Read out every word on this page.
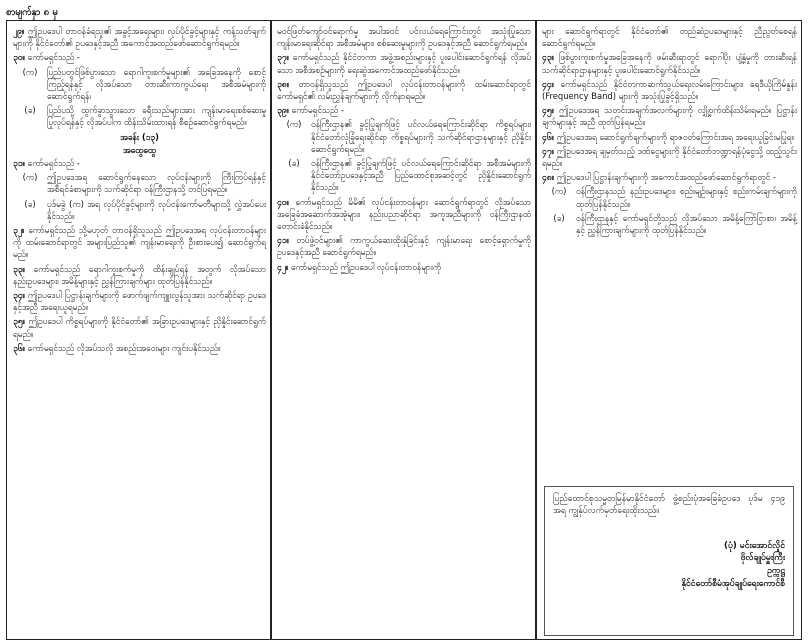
စာမျက်နှာ ၈ မှ

၂၉။ ဤဥပဒေပါ တာဝန်ခံရသူ၏ အခွင့်အရေးများ၊ လုပ်ပိုင်ခွင့်များနှင့် ကန့်သတ်ချက်များကို နိုင်ငံတော်၏ ဥပဒေနှင့်အညီ အကောင်အထည်ဖော်ဆောင်ရွက်ရမည်။

၃၀။ ကော်မရှင်သည် -

(က)	ပြည်ပတွင်ဖြစ်ပွားသော ရောဂါကူးစက်မှုများ၏ အခြေအနေကို စောင့်ကြည့်ရန်နှင့် လိုအပ်သော တားဆီးကာကွယ်ရေး အစီအမံများကို ဆောင်ရွက်ရန်၊
(ခ)	ပြည်ပသို့ ထွက်ခွာသွားသော ခရီးသည်များအား ကျန်းမာရေးစစ်ဆေးမှု ပြုလုပ်ရန်နှင့် လိုအပ်ပါက ထိန်းသိမ်းထားရန် စီစဉ်ဆောင်ရွက်ရမည်။
အခန်း (၁၃)
အထွေထွေ

၃၁။ ကော်မရှင်သည် -

(က)	ဤဥပဒေအရ ဆောင်ရွက်နေသော လုပ်ငန်းများကို ကြီးကြပ်ရန်နှင့် အစီရင်ခံစာများကို သက်ဆိုင်ရာ ဝန်ကြီးဌာနသို့ တင်ပြရမည်။
(ခ)	ပုဒ်မခွဲ (က) အရ လုပ်ပိုင်ခွင့်များကို လုပ်ငန်းကော်မတီများသို့ လွှဲအပ်ပေးနိုင်သည်။

၃၂။ ကော်မရှင်သည် သို့မဟုတ် တာဝန်ရှိသူသည် ဤဥပဒေအရ လုပ်ငန်းတာဝန်များကို ထမ်းဆောင်ရာတွင် အများပြည်သူ၏ ကျန်းမာရေးကို ဦးစားပေး၍ ဆောင်ရွက်ရမည်။

၃၃။ ကော်မရှင်သည် ရောဂါကူးစက်မှုကို ထိန်းချုပ်ရန် အတွက် လိုအပ်သော နည်းဥပဒေများ၊ အမိန့်များနှင့် ညွှန်ကြားချက်များ ထုတ်ပြန်နိုင်သည်။

၃၄။ ဤဥပဒေပါ ပြဋ္ဌာန်းချက်များကို ဖောက်ဖျက်ကျူးလွန်သူအား သက်ဆိုင်ရာ ဥပဒေနှင့်အညီ အရေးယူရမည်။

၃၅။ ဤဥပဒေပါ ကိစ္စရပ်များကို နိုင်ငံတော်၏ အခြားဥပဒေများနှင့် ညှိနှိုင်းဆောင်ရွက်ရမည်။

၃၆။ ကော်မရှင်သည် လိုအပ်သလို အစည်းအဝေးများ ကျင်းပနိုင်သည်။

မဝင်ဖြတ်ကျော်ဝင်ရောက်မှု အပါအဝင် ပင်လယ်ရေကြောင်းတွင် အသုံးပြုသော ကျန်းမာရေးဆိုင်ရာ အစီအမံများ၊ စစ်ဆေးမှုများကို ဥပဒေနှင့်အညီ ဆောင်ရွက်ရမည်။

၃၇။ ကော်မရှင်သည် နိုင်ငံတကာ အဖွဲ့အစည်းများနှင့် ပူးပေါင်းဆောင်ရွက်ရန် လိုအပ်သော အစီအစဉ်များကို ရေးဆွဲအကောင်အထည်ဖော်နိုင်သည်။

၃၈။ တာဝန်ရှိသူသည် ဤဥပဒေပါ လုပ်ငန်းတာဝန်များကို ထမ်းဆောင်ရာတွင် ကော်မရှင်၏ လမ်းညွှန်ချက်များကို လိုက်နာရမည်။

၃၉။ ကော်မရှင်သည် -

(က)	ဝန်ကြီးဌာန၏ ခွင့်ပြုချက်ဖြင့် ပင်လယ်ရေကြောင်းဆိုင်ရာ ကိစ္စရပ်များ၊ နိုင်ငံတော်လုံခြုံရေးဆိုင်ရာ ကိစ္စရပ်များကို သက်ဆိုင်ရာဌာနများနှင့် ညှိနှိုင်းဆောင်ရွက်ရမည်။
(ခ)	ဝန်ကြီးဌာန၏ ခွင့်ပြုချက်ဖြင့် ပင်လယ်ရေကြောင်းဆိုင်ရာ အစီအမံများကို နိုင်ငံတော်ဥပဒေနှင့်အညီ ပြည်ထောင်စုအဆင့်တွင် ညှိနှိုင်းဆောင်ရွက်နိုင်သည်။

၄၀။ ကော်မရှင်သည် မိမိ၏ လုပ်ငန်းတာဝန်များ ဆောင်ရွက်ရာတွင် လိုအပ်သော အခြေခံအဆောက်အအုံများ၊ နည်းပညာဆိုင်ရာ အကူအညီများကို ဝန်ကြီးဌာနထံ တောင်းခံနိုင်သည်။

၄၁။ တပ်ဖွဲ့ဝင်များ၏ ကာကွယ်ဆေးထိုးနှံခြင်းနှင့် ကျန်းမာရေး စောင့်ရှောက်မှုကို ဥပဒေနှင့်အညီ ဆောင်ရွက်ရမည်။

၄၂။ ကော်မရှင်သည် ဤဥပဒေပါ လုပ်ငန်းတာဝန်များကို

များ ဆောင်ရွက်ရာတွင် နိုင်ငံတော်၏ တည်ဆဲဥပဒေများနှင့် ညီညွတ်စေရန် ဆောင်ရွက်ရမည်။

၄၃။ ဖြစ်ပွားကူးစက်မှုအခြေအနေကို ဖမ်းဆီးရာတွင် ရောဂါပိုး ပျံ့နှံ့မှုကို တားဆီးရန် သက်ဆိုင်ရာဌာနများနှင့် ပူးပေါင်းဆောင်ရွက်နိုင်သည်။

၄၄။ ကော်မရှင်သည် နိုင်ငံတကာဆက်သွယ်ရေးလမ်းကြောင်းများ၊ ရေဒီယိုကြိမ်နှုန်း (Frequency Band) များကို အသုံးပြုခွင့်ရှိသည်။

၄၅။ ဤဥပဒေအရ သတင်းအချက်အလက်များကို လျှို့ဝှက်ထိန်းသိမ်းရမည်။ ပြဋ္ဌာန်းချက်များနှင့် အညီ ထုတ်ပြန်ရမည်။

၄၆။ ဤဥပဒေအရ ဆောင်ရွက်ချက်များကို ရာဇဝတ်ကြောင်းအရ အရေးယူခြင်းမပြုရ။

၄၇။ ဤဥပဒေအရ ချမှတ်သည့် ဒဏ်ငွေများကို နိုင်ငံတော်ဘဏ္ဍာရန်ပုံငွေသို့ ထည့်သွင်းရမည်။

၄၈။ ဤဥပဒေပါ ပြဋ္ဌာန်းချက်များကို အကောင်အထည်ဖော်ဆောင်ရွက်ရာတွင် -

(က)	ဝန်ကြီးဌာနသည် နည်းဥပဒေများ၊ စည်းမျဉ်းများနှင့် စည်းကမ်းချက်များကို ထုတ်ပြန်နိုင်သည်။
(ခ)	ဝန်ကြီးဌာနနှင့် ကော်မရှင်တို့သည် လိုအပ်သော အမိန့်ကြော်ငြာစာ၊ အမိန့်နှင့် ညွှန်ကြားချက်များကို ထုတ်ပြန်နိုင်သည်။
ပြည်ထောင်စုသမ္မတမြန်မာနိုင်ငံတော် ဖွဲ့စည်းပုံအခြေခံဥပဒေ ပုဒ်မ ၄၁၉ အရ ကျွန်ုပ်လက်မှတ်ရေးထိုးသည်။
(ပုံ) မင်းအောင်လှိုင်
ဗိုလ်ချုပ်မှူးကြီး
ဥက္ကဋ္ဌ
နိုင်ငံတော်စီမံအုပ်ချုပ်ရေးကောင်စီ
